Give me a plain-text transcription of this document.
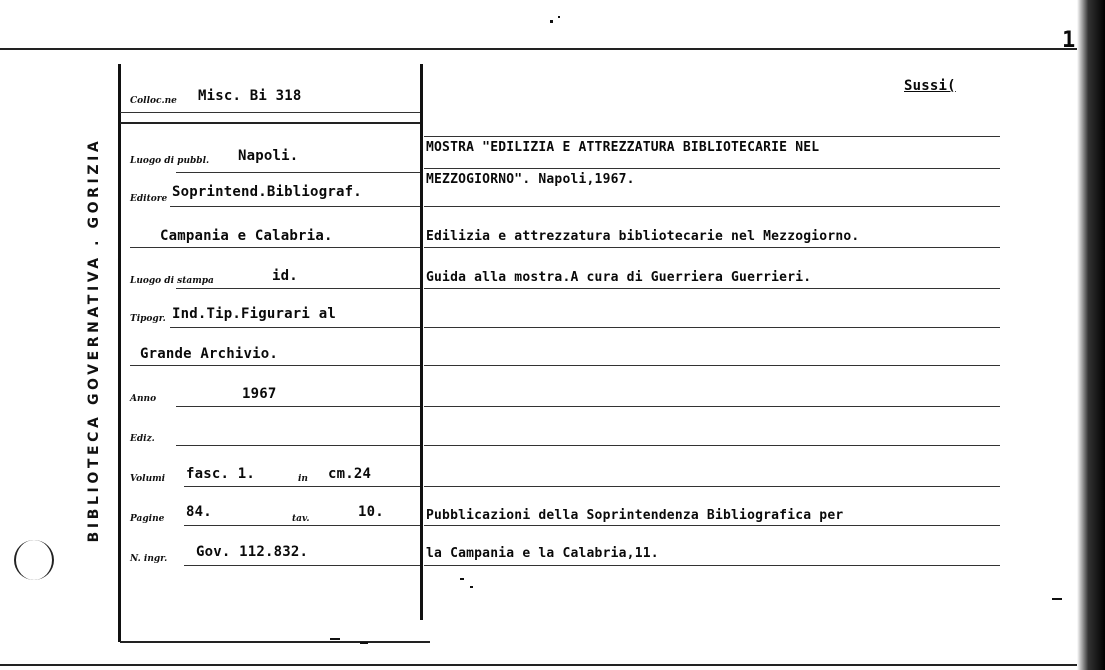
1
BIBLIOTECA GOVERNATIVA . GORIZIA
Sussi(
Colloc.ne Misc. Bi 318
Luogo di pubbl. Napoli.
Editore Soprintend.Bibliograf.
Campania e Calabria.
Luogo di stampa	id.
Tipogr. Ind.Tip.Figurari al
Grande Archivio.
Anno	1967
Ediz.
Volumi fasc. 1.	in cm.24
Pagine 84.	tav.	10.
N. ingr. Gov. 112.832.
MOSTRA "EDILIZIA E ATTREZZATURA BIBLIOTECARIE NEL
MEZZOGIORNO". Napoli,1967.
Edilizia e attrezzatura bibliotecarie nel Mezzogiorno.
Guida alla mostra.A cura di Guerriera Guerrieri.
Pubblicazioni della Soprintendenza Bibliografica per
la Campania e la Calabria,11.
